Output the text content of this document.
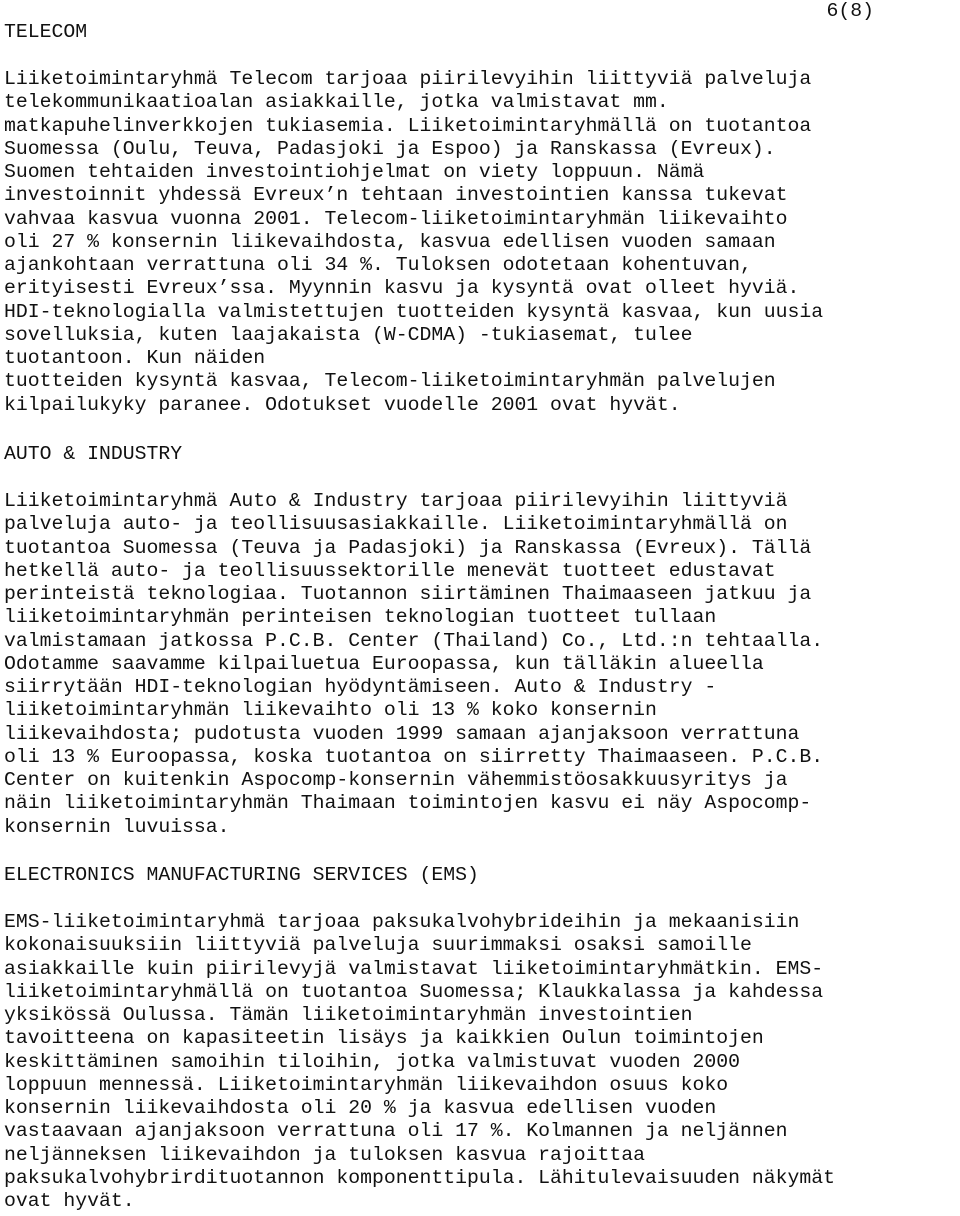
6(8)
TELECOM
Liiketoimintaryhmä Telecom tarjoaa piirilevyihin liittyviä palveluja
telekommunikaatioalan asiakkaille, jotka valmistavat mm.
matkapuhelinverkkojen tukiasemia. Liiketoimintaryhmällä on tuotantoa
Suomessa (Oulu, Teuva, Padasjoki ja Espoo) ja Ranskassa (Evreux).
Suomen tehtaiden investointiohjelmat on viety loppuun. Nämä
investoinnit yhdessä Evreux’n tehtaan investointien kanssa tukevat
vahvaa kasvua vuonna 2001. Telecom-liiketoimintaryhmän liikevaihto
oli 27 % konsernin liikevaihdosta, kasvua edellisen vuoden samaan
ajankohtaan verrattuna oli 34 %. Tuloksen odotetaan kohentuvan,
erityisesti Evreux’ssa. Myynnin kasvu ja kysyntä ovat olleet hyviä.
HDI-teknologialla valmistettujen tuotteiden kysyntä kasvaa, kun uusia
sovelluksia, kuten laajakaista (W-CDMA) -tukiasemat, tulee
tuotantoon. Kun näiden
tuotteiden kysyntä kasvaa, Telecom-liiketoimintaryhmän palvelujen
kilpailukyky paranee. Odotukset vuodelle 2001 ovat hyvät.
AUTO & INDUSTRY
Liiketoimintaryhmä Auto & Industry tarjoaa piirilevyihin liittyviä
palveluja auto- ja teollisuusasiakkaille. Liiketoimintaryhmällä on
tuotantoa Suomessa (Teuva ja Padasjoki) ja Ranskassa (Evreux). Tällä
hetkellä auto- ja teollisuussektorille menevät tuotteet edustavat
perinteistä teknologiaa. Tuotannon siirtäminen Thaimaaseen jatkuu ja
liiketoimintaryhmän perinteisen teknologian tuotteet tullaan
valmistamaan jatkossa P.C.B. Center (Thailand) Co., Ltd.:n tehtaalla.
Odotamme saavamme kilpailuetua Euroopassa, kun tälläkin alueella
siirrytään HDI-teknologian hyödyntämiseen. Auto & Industry -
liiketoimintaryhmän liikevaihto oli 13 % koko konsernin
liikevaihdosta; pudotusta vuoden 1999 samaan ajanjaksoon verrattuna
oli 13 % Euroopassa, koska tuotantoa on siirretty Thaimaaseen. P.C.B.
Center on kuitenkin Aspocomp-konsernin vähemmistöosakkuusyritys ja
näin liiketoimintaryhmän Thaimaan toimintojen kasvu ei näy Aspocomp-
konsernin luvuissa.
ELECTRONICS MANUFACTURING SERVICES (EMS)
EMS-liiketoimintaryhmä tarjoaa paksukalvohybrideihin ja mekaanisiin
kokonaisuuksiin liittyviä palveluja suurimmaksi osaksi samoille
asiakkaille kuin piirilevyjä valmistavat liiketoimintaryhmätkin. EMS-
liiketoimintaryhmällä on tuotantoa Suomessa; Klaukkalassa ja kahdessa
yksikössä Oulussa. Tämän liiketoimintaryhmän investointien
tavoitteena on kapasiteetin lisäys ja kaikkien Oulun toimintojen
keskittäminen samoihin tiloihin, jotka valmistuvat vuoden 2000
loppuun mennessä. Liiketoimintaryhmän liikevaihdon osuus koko
konsernin liikevaihdosta oli 20 % ja kasvua edellisen vuoden
vastaavaan ajanjaksoon verrattuna oli 17 %. Kolmannen ja neljännen
neljänneksen liikevaihdon ja tuloksen kasvua rajoittaa
paksukalvohybrirdituotannon komponenttipula. Lähitulevaisuuden näkymät
ovat hyvät.
